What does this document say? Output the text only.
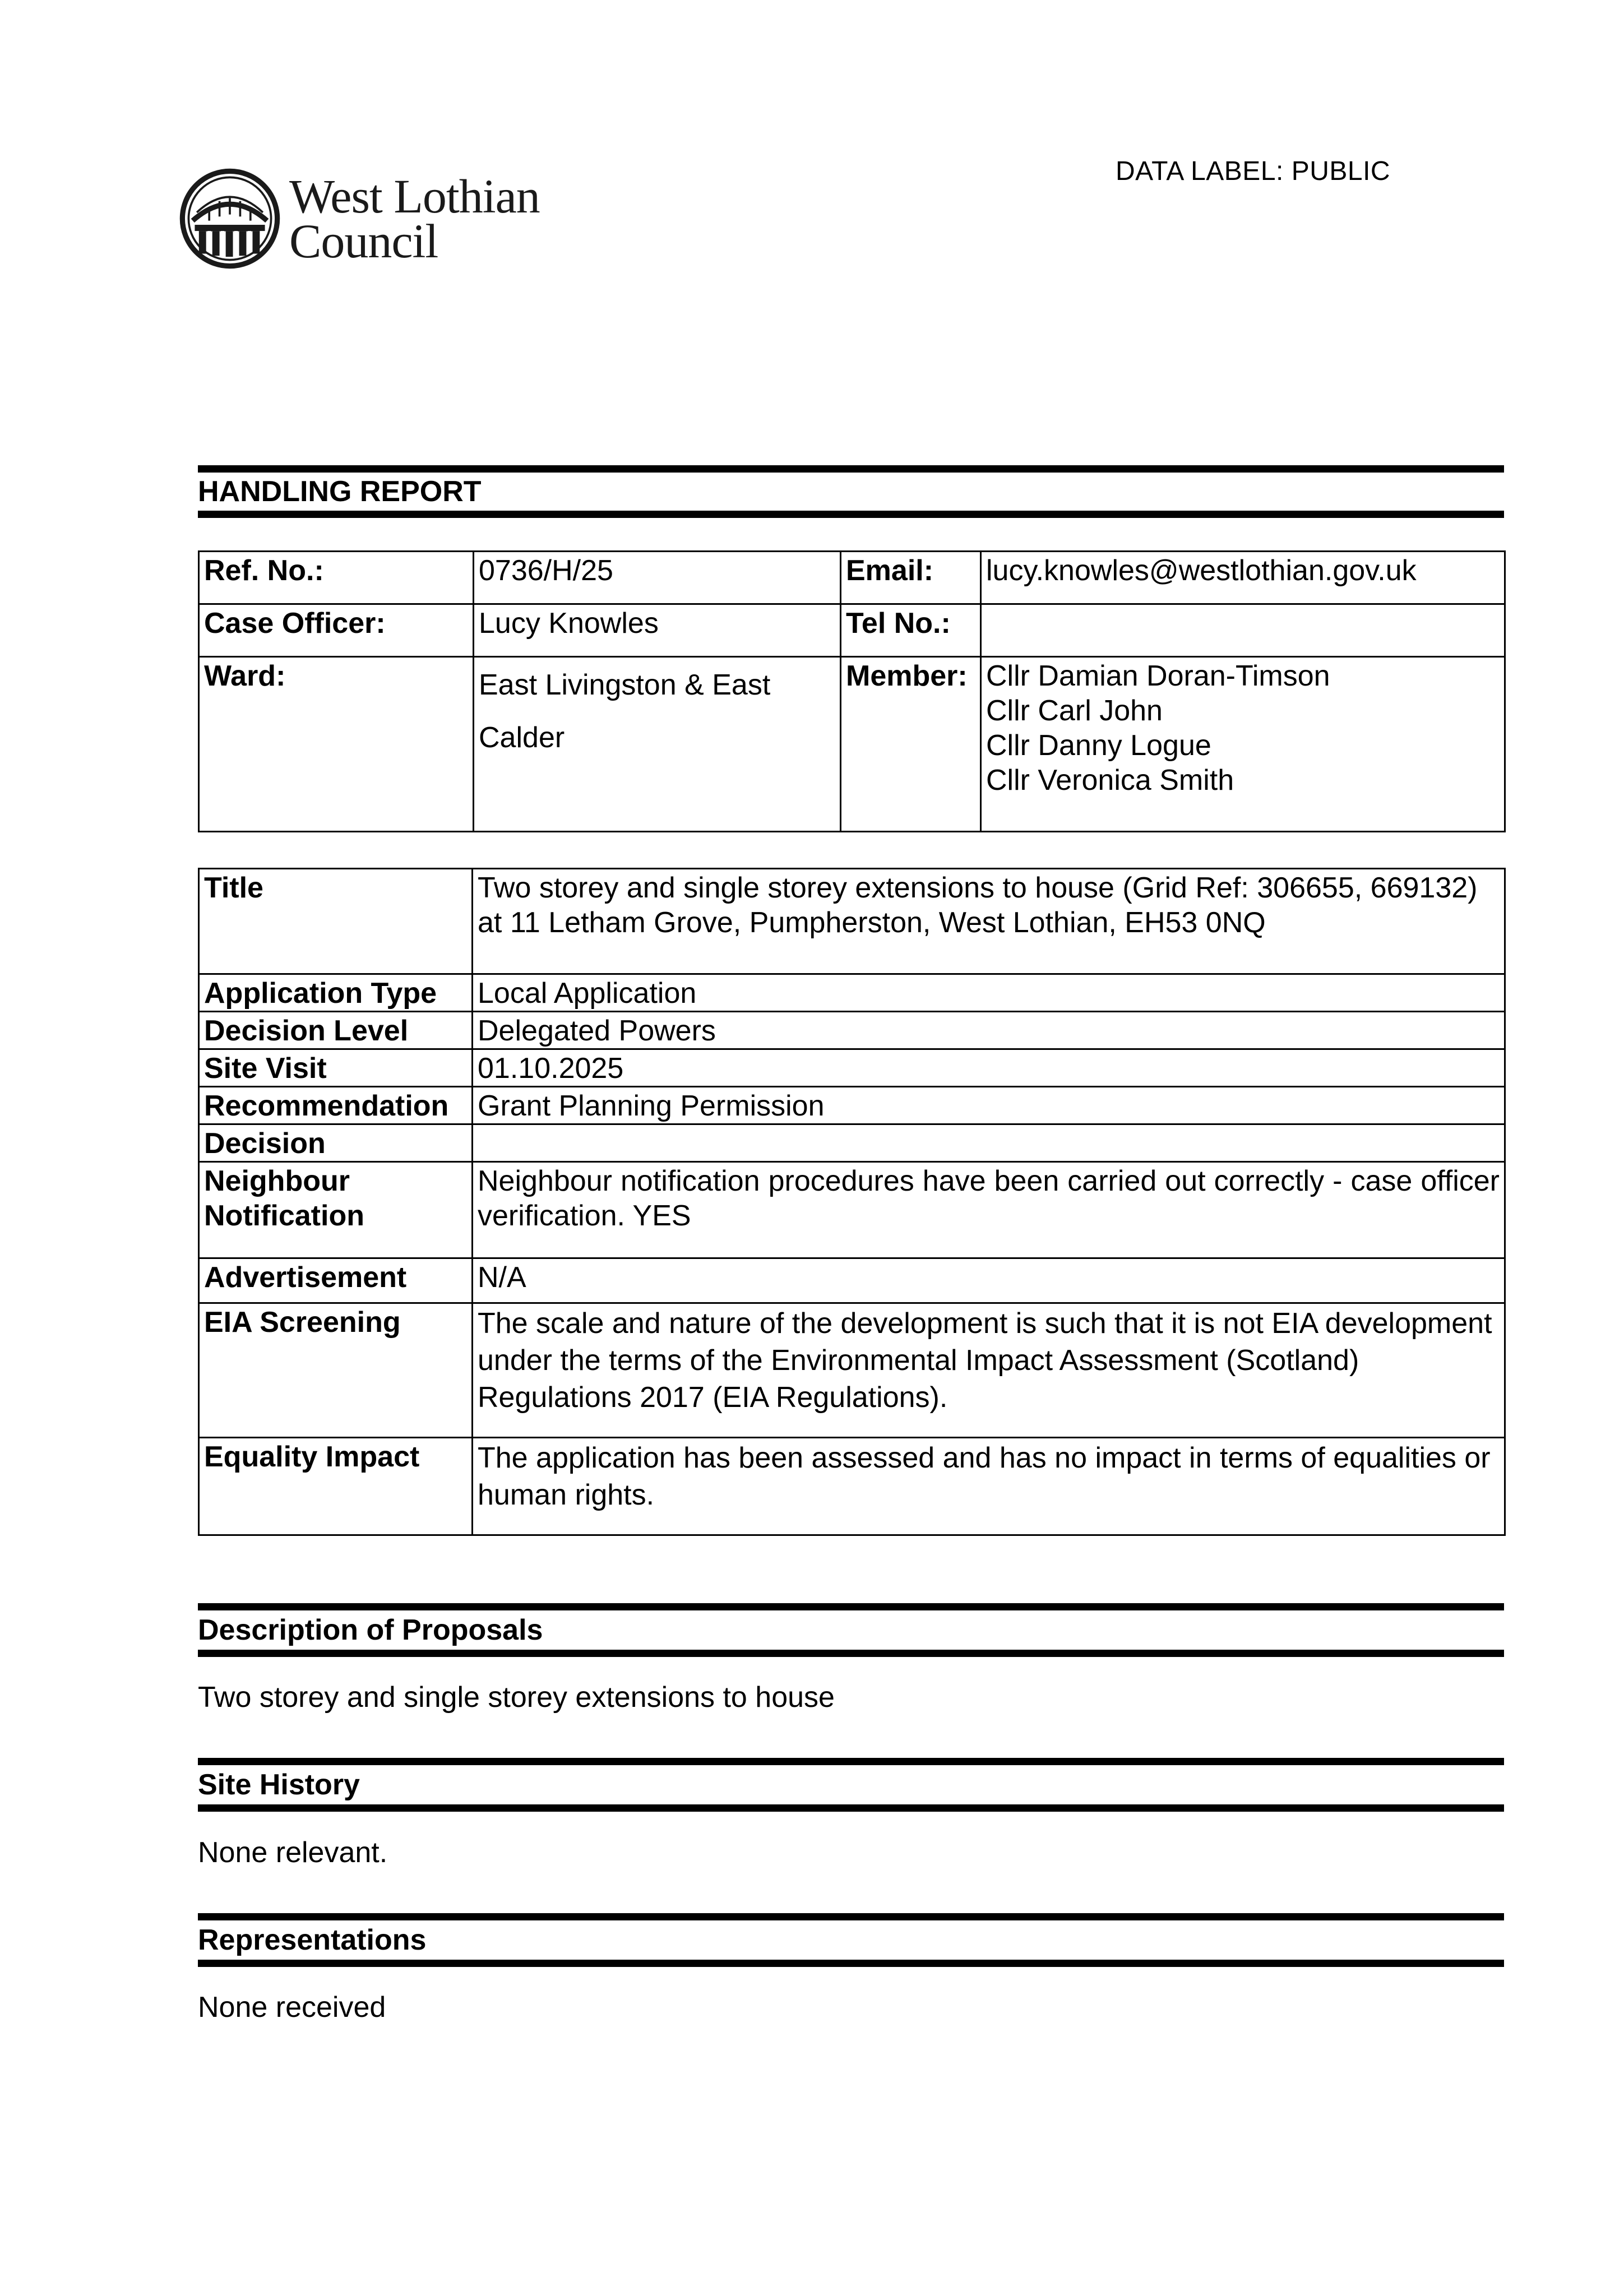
West Lothian
Council
DATA LABEL: PUBLIC
HANDLING REPORT
Ref. No.:	0736/H/25	Email:	lucy.knowles@westlothian.gov.uk
Case Officer:	Lucy Knowles	Tel No.:	
Ward:	East Livingston & East Calder	Member:	Cllr Damian Doran-Timson
Cllr Carl John
Cllr Danny Logue
Cllr Veronica Smith
Title	Two storey and single storey extensions to house (Grid Ref: 306655, 669132) at 11 Letham Grove, Pumpherston, West Lothian, EH53 0NQ
Application Type	Local Application
Decision Level	Delegated Powers
Site Visit	01.10.2025
Recommendation	Grant Planning Permission
Decision	

Neighbour
Notification	Neighbour notification procedures have been carried out correctly - case officer verification. YES
Advertisement	N/A
EIA Screening	The scale and nature of the development is such that it is not EIA development under the terms of the Environmental Impact Assessment (Scotland) Regulations 2017 (EIA Regulations).
Equality Impact	The application has been assessed and has no impact in terms of equalities or human rights.
Description of Proposals
Two storey and single storey extensions to house
Site History
None relevant.
Representations
None received
